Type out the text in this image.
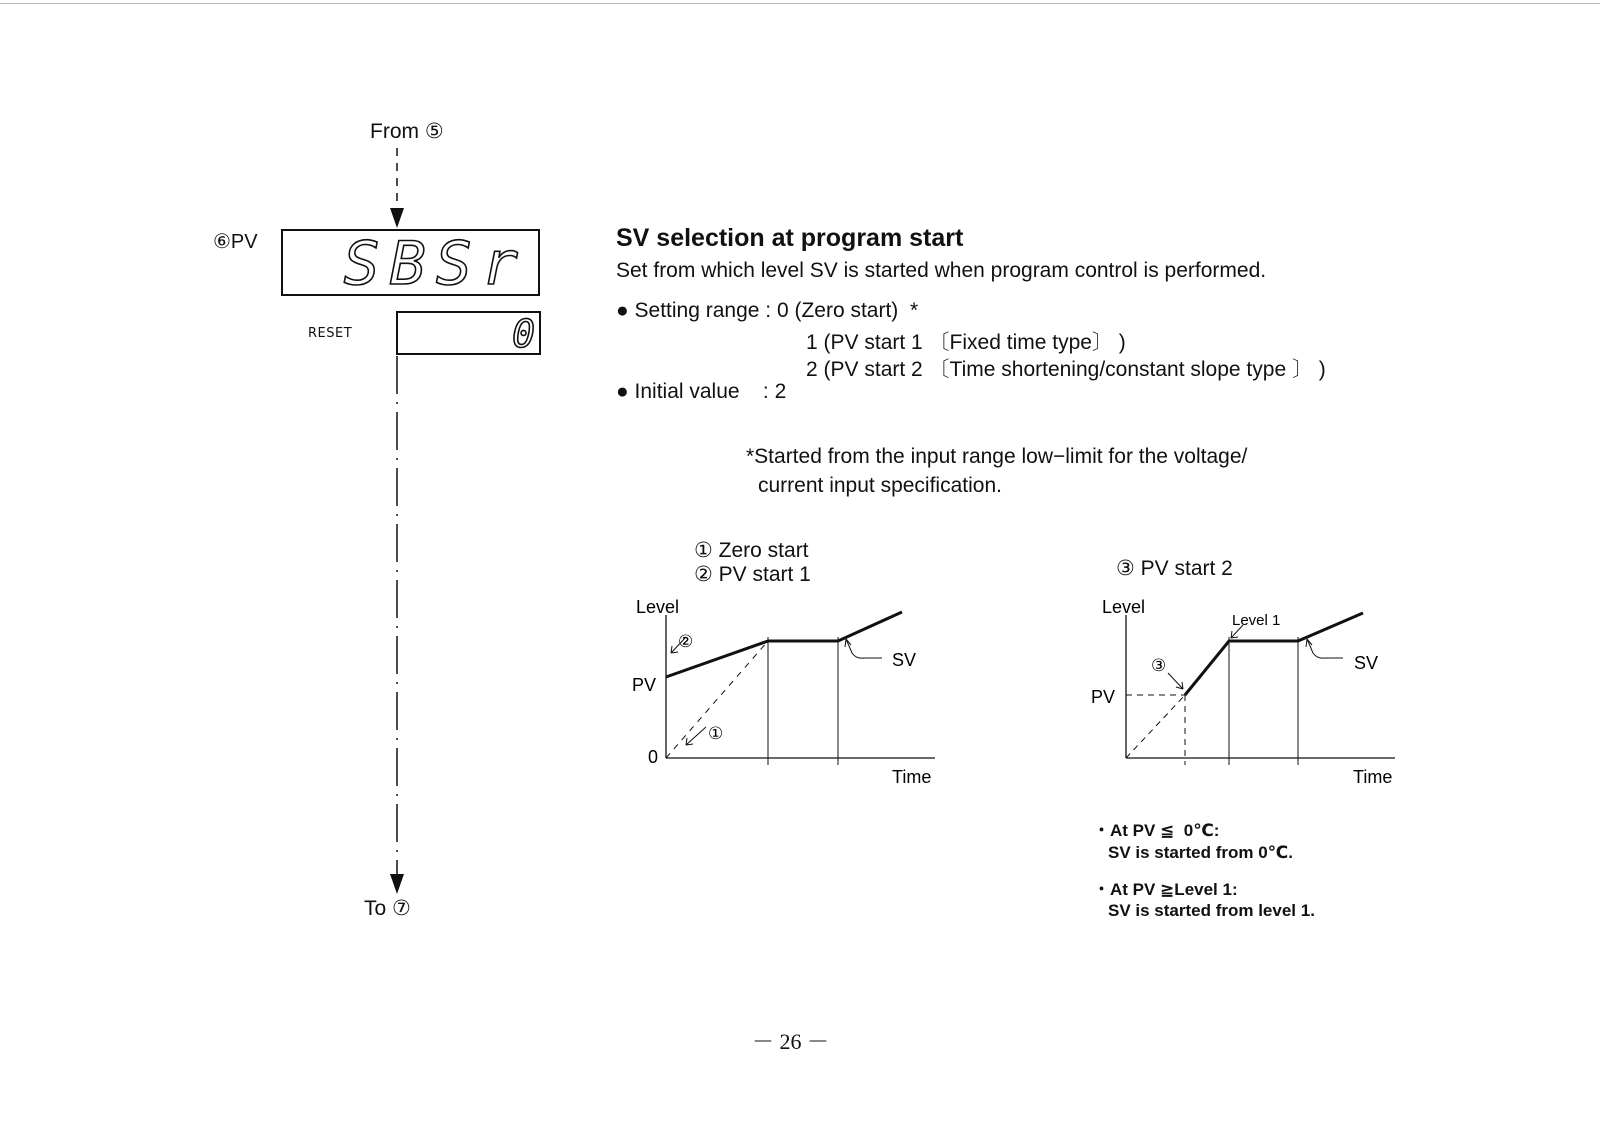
From ⑤
⑥PV SBSr
RESET	0
To ⑦
SV selection at program start
Set from which level SV is started when program control is performed.
● Setting range : 0 (Zero start)  *
1 (PV start 1 〔Fixed time type〕 )
2 (PV start 2 〔Time shortening/constant slope type 〕 )
● Initial value    : 2
*Started from the input range low−limit for the voltage/
current input specification.
① Zero start
② PV start 1
Level
PV
0
Time
SV
②
①
③ PV start 2
Level
Level 1
PV
Time
SV
③
・At PV ≦  0℃:
SV is started from 0℃.
・At PV ≧Level 1:
SV is started from level 1.
－ 26 －
